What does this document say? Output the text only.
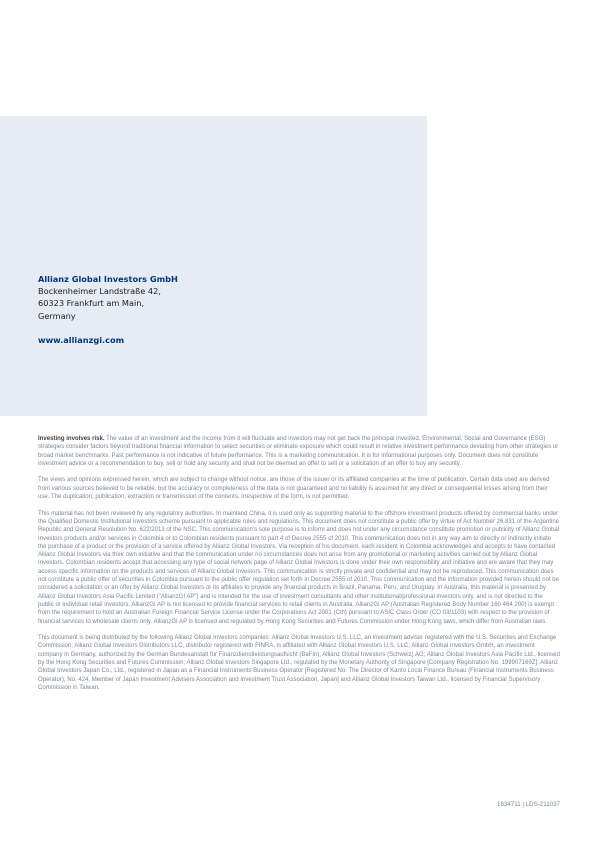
Allianz Global Investors GmbH
Bockenheimer Landstraße 42,
60323 Frankfurt am Main,
Germany
www.allianzgi.com

Investing involves risk. The value of an investment and the income from it will fluctuate and investors may not get back the principal invested. Environmental, Social and Governance (ESG) strategies consider factors beyond traditional financial information to select securities or eliminate exposure which could result in relative investment performance deviating from other strategies or broad market benchmarks. Past performance is not indicative of future performance. This is a marketing communication. It is for informational purposes only. Document does not constitute investment advice or a recommendation to buy, sell or hold any security and shall not be deemed an offer to sell or a solicitation of an offer to buy any security.

The views and opinions expressed herein, which are subject to change without notice, are those of the issuer or its affiliated companies at the time of publication. Certain data used are derived from various sources believed to be reliable, but the accuracy or completeness of the data is not guaranteed and no liability is assumed for any direct or consequential losses arising from their use. The duplication, publication, extraction or transmission of the contents, irrespective of the form, is not permitted.

This material has not been reviewed by any regulatory authorities. In mainland China, it is used only as supporting material to the offshore investment products offered by commercial banks under the Qualified Domestic Institutional Investors scheme pursuant to applicable rules and regulations. This document does not constitute a public offer by virtue of Act Number 26.831 of the Argentine Republic and General Resolution No. 622/2013 of the NSC. This communication's sole purpose is to inform and does not under any circumstance constitute promotion or publicity of Allianz Global Investors products and/or services in Colombia or to Colombian residents pursuant to part 4 of Decree 2555 of 2010. This communication does not in any way aim to directly or indirectly initiate the purchase of a product or the provision of a service offered by Allianz Global Investors. Via reception of his document, each resident in Colombia acknowledges and accepts to have contacted Allianz Global Investors via their own initiative and that the communication under no circumstances does not arise from any promotional or marketing activities carried out by Allianz Global Investors. Colombian residents accept that accessing any type of social network page of Allianz Global Investors is done under their own responsibility and initiative and are aware that they may access specific information on the products and services of Allianz Global Investors. This communication is strictly private and confidential and may not be reproduced. This communication does not constitute a public offer of securities in Colombia pursuant to the public offer regulation set forth in Decree 2555 of 2010. This communication and the information provided herein should not be considered a solicitation or an offer by Allianz Global Investors or its affiliates to provide any financial products in Brazil, Panama, Peru, and Uruguay. In Australia, this material is presented by Allianz Global Investors Asia Pacific Limited ("AllianzGI AP") and is intended for the use of investment consultants and other institutional/professional investors only, and is not directed to the public or individual retail investors. AllianzGI AP is not licensed to provide financial services to retail clients in Australia. AllianzGI AP (Australian Registered Body Number 160 464 200) is exempt from the requirement to hold an Australian Foreign Financial Service License under the Corporations Act 2001 (Cth) pursuant to ASIC Class Order (CO 03/1103) with respect to the provision of financial services to wholesale clients only. AllianzGI AP is licensed and regulated by Hong Kong Securities and Futures Commission under Hong Kong laws, which differ from Australian laws.

This document is being distributed by the following Allianz Global Investors companies: Allianz Global Investors U.S. LLC, an investment adviser registered with the U.S. Securities and Exchange Commission; Allianz Global Investors Distributors LLC, distributor registered with FINRA, is affiliated with Allianz Global Investors U.S. LLC; Allianz Global Investors GmbH, an investment company in Germany, authorized by the German Bundesanstalt für Finanzdienstleistungsaufsicht (BaFin); Allianz Global Investors (Schweiz) AG; Allianz Global Investors Asia Pacific Ltd., licensed by the Hong Kong Securities and Futures Commission; Allianz Global Investors Singapore Ltd., regulated by the Monetary Authority of Singapore [Company Registration No. 199907169Z]; Allianz Global Investors Japan Co., Ltd., registered in Japan as a Financial Instruments Business Operator [Registered No. The Director of Kanto Local Finance Bureau (Financial Instruments Business Operator), No. 424, Member of Japan Investment Advisers Association and Investment Trust Association, Japan] and Allianz Global Investors Taiwan Ltd., licensed by Financial Supervisory Commission in Taiwan.

1634711 | LDS-211037
